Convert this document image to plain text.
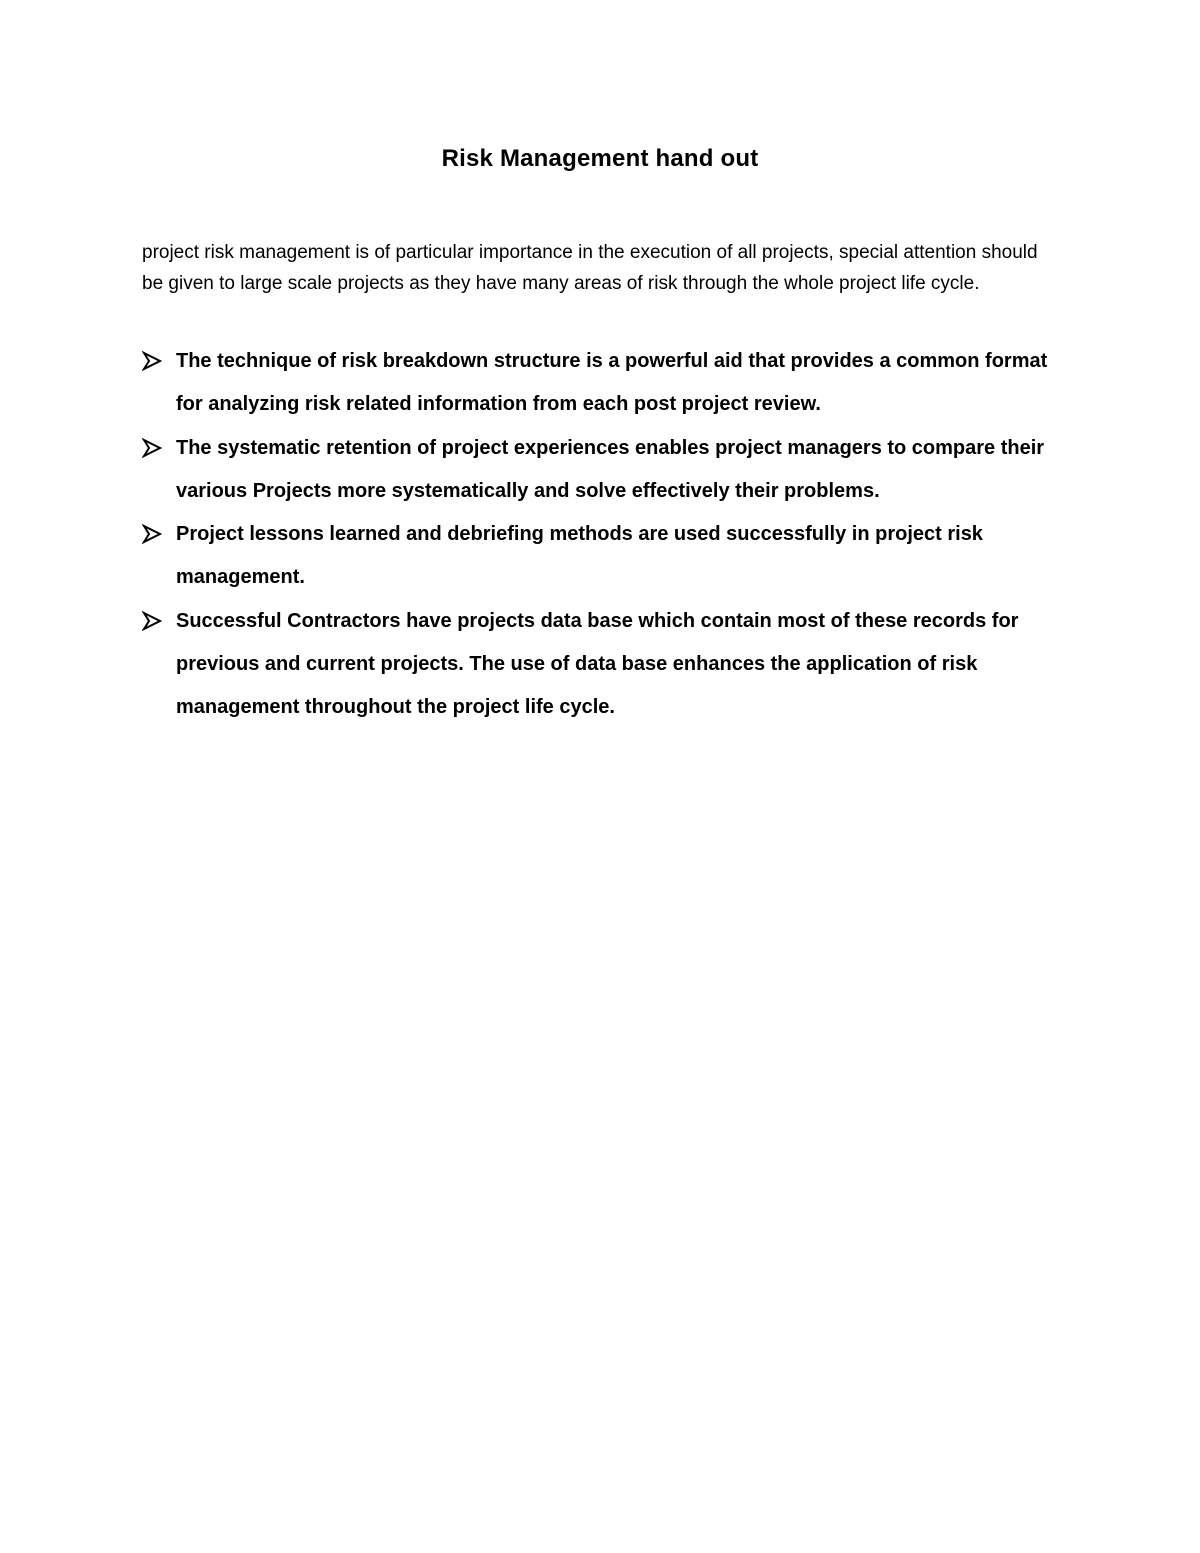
Risk Management hand out
project risk management is of particular importance in the execution of all projects, special attention should be given to large scale projects as they have many areas of risk through the whole project life cycle.
The technique of risk breakdown structure is a powerful aid that provides a common format for analyzing risk related information from each post project review.
The systematic retention of project experiences enables project managers to compare their various Projects more systematically and solve effectively their problems.
Project lessons learned and debriefing methods are used successfully in project risk management.
Successful Contractors have projects data base which contain most of these records for previous and current projects. The use of data base enhances the application of risk management throughout the project life cycle.
